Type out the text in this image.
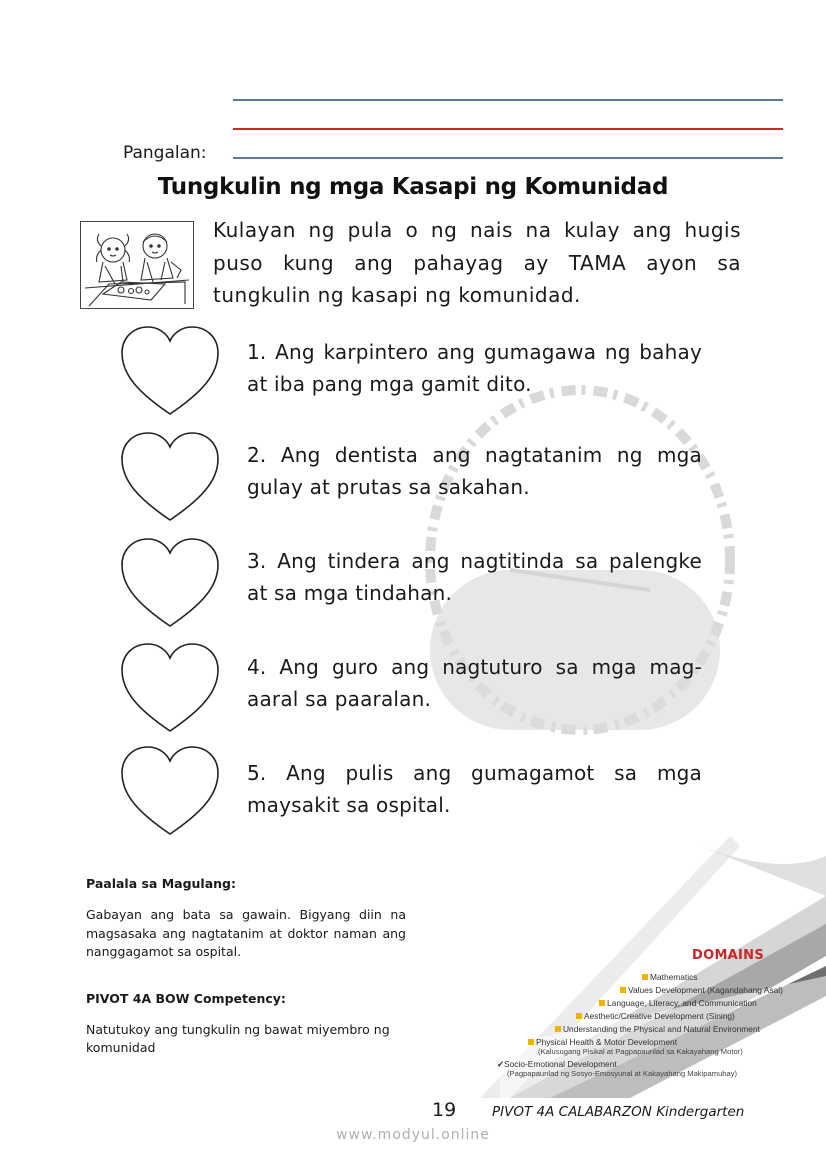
Pangalan:
Tungkulin ng mga Kasapi ng Komunidad
Kulayan ng pula o ng nais na kulay ang hugis puso kung ang pahayag ay TAMA ayon sa tungkulin ng kasapi ng komunidad.
1. Ang karpintero ang gumagawa ng bahay at iba pang mga gamit dito.
2. Ang dentista ang nagtatanim ng mga gulay at prutas sa sakahan.
3. Ang tindera ang nagtitinda sa palengke at sa mga tindahan.
4. Ang guro ang nagtuturo sa mga mag-aaral sa paaralan.
5. Ang pulis ang gumagamot sa mga maysakit sa ospital.
Paalala sa Magulang:
Gabayan ang bata sa gawain. Bigyang diin na magsasaka ang nagtatanim at doktor naman ang nanggagamot sa ospital.
PIVOT 4A BOW Competency:
Natutukoy ang tungkulin ng bawat miyembro ng komunidad
DOMAINS
Mathematics
Values Development (Kagandahang Asal)
Language, Literacy, and Communication
Aesthetic/Creative Development (Sining)
Understanding the Physical and Natural Environment
Physical Health & Motor Development
(Kalusugang Pisikal at Pagpapaunlad sa Kakayahang Motor)
✓Socio-Emotional Development
(Pagpapaunlad ng Sosyo-Emosyunal at Kakayahang Makipamuhay)
19	PIVOT 4A CALABARZON Kindergarten
www.modyul.online
